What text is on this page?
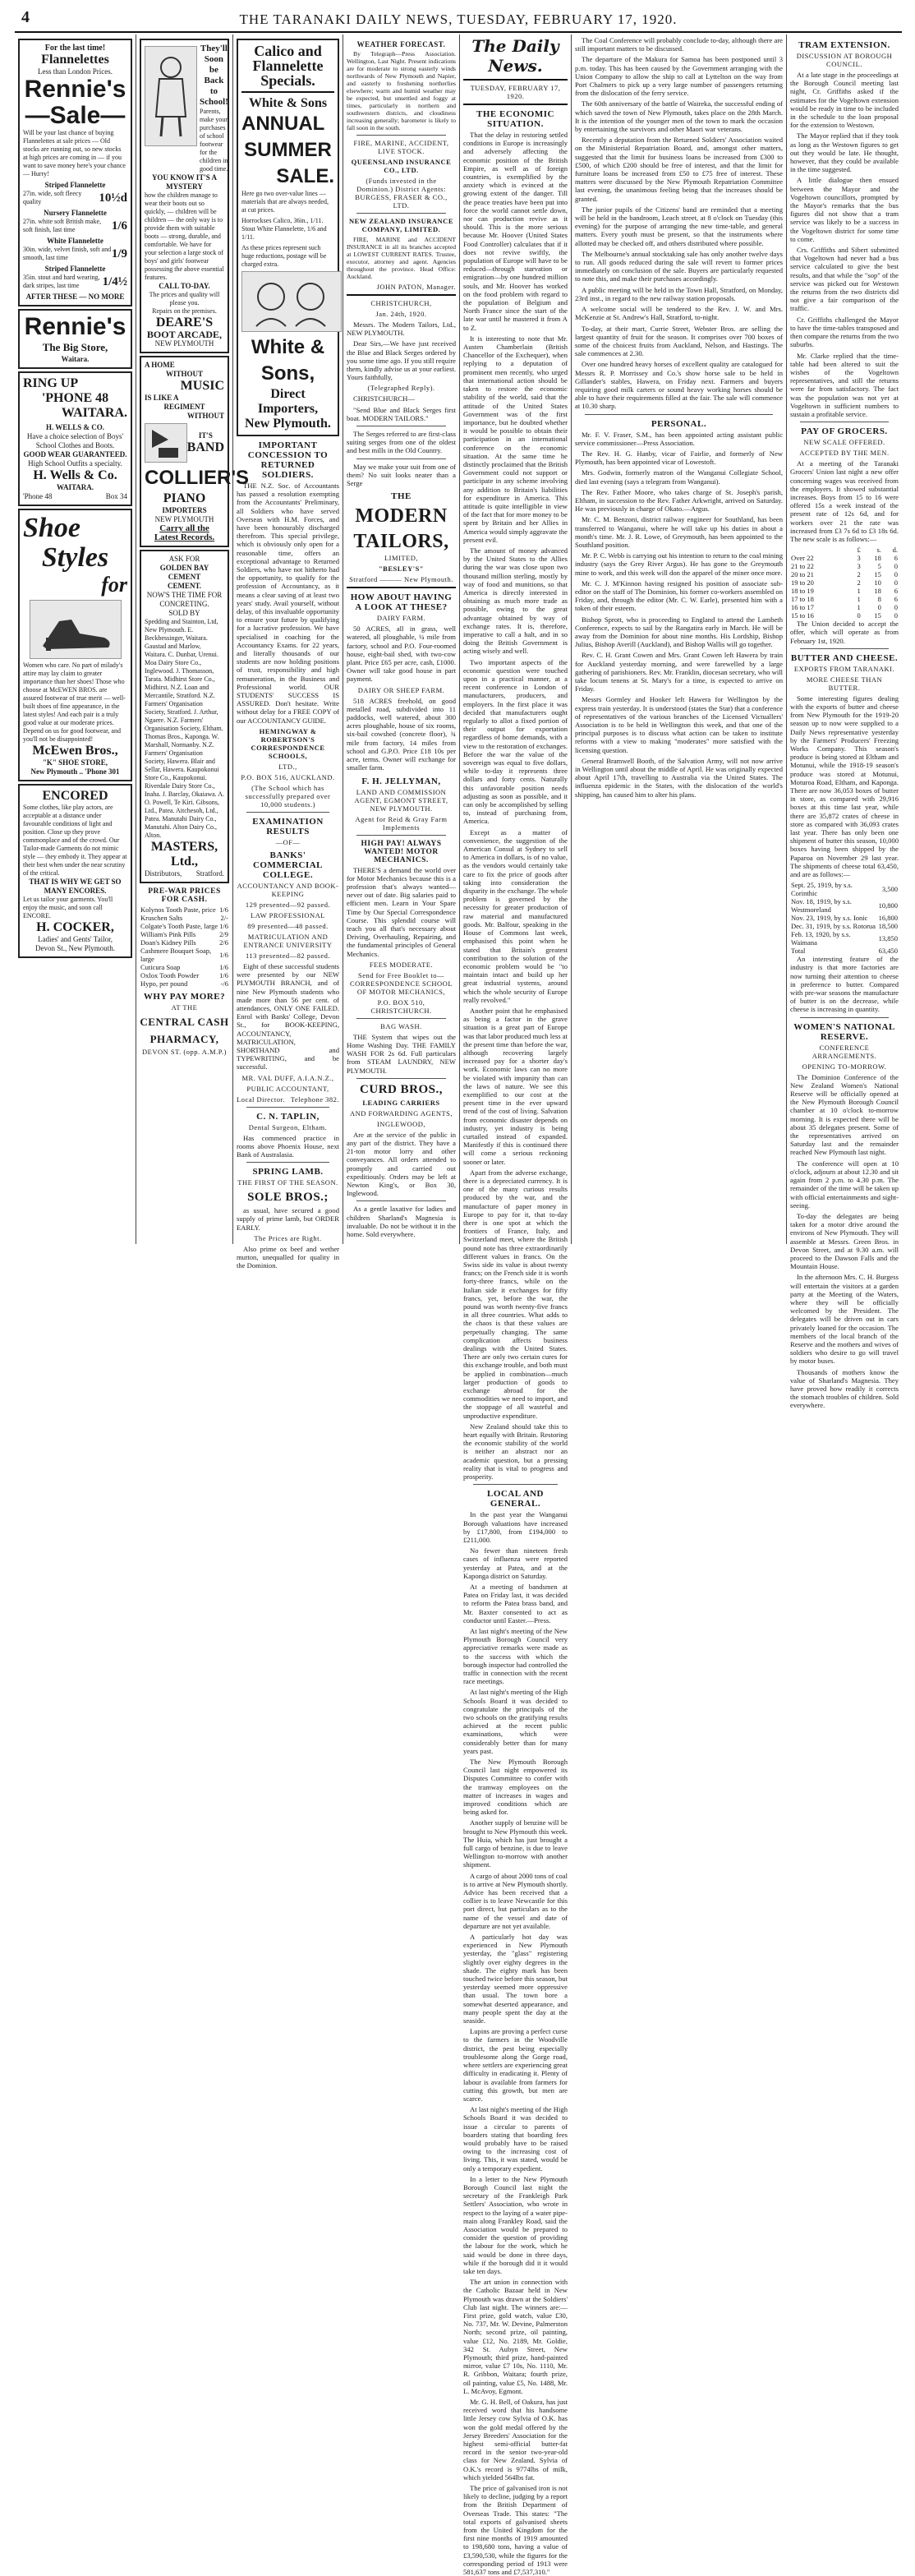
4	THE TARANAKI DAILY NEWS, TUESDAY, FEBRUARY 17, 1920.
For the last time!
Flannelettes
Less than London Prices.
Rennie's
—Sale—
Will be your last chance of buying Flannelettes at sale prices — Old stocks are running out, so new stocks at high prices are coming in — if you want to save money here's your chance — Hurry!
Striped Flannelette
27in. wide, soft fleecy quality	10½d
Nursery Flannelette
27in. white soft British make, soft finish, last time	1/6
White Flannelette
30in. wide, velvet finish, soft and smooth, last time	1/9
Striped Flannelette
35in. stout and hard wearing, dark stripes, last time	1/4½
AFTER THESE — NO MORE
Rennie's
The Big Store,
Waitara.
RING UP
'PHONE 48
WAITARA.
H. WELLS & CO.
Have a choice selection of Boys' School Clothes and Boots.
GOOD WEAR GUARANTEED.
High School Outfits a specialty.
H. Wells & Co.
WAITARA.
'Phone 48	Box 34
Shoe
Styles
for
Women who care. No part of milady's attire may lay claim to greater importance than her shoes! Those who choose at McEWEN BROS. are assured footwear of true merit — well-built shoes of fine appearance, in the latest styles! And each pair is a truly good value at our moderate prices. Depend on us for good footwear, and you'll not be disappointed!
McEwen Bros.,
"K" SHOE STORE,
New Plymouth .. 'Phone 301
ENCORED
Some clothes, like play actors, are acceptable at a distance under favourable conditions of light and position. Close up they prove commonplace and of the crowd. Our Tailor-made Garments do not mimic style — they embody it. They appear at their best when under the near scrutiny of the critical.
THAT IS WHY WE GET SO MANY ENCORES.
Let us tailor your garments. You'll enjoy the music, and soon call ENCORE.
H. COCKER,
Ladies' and Gents' Tailor,
Devon St., New Plymouth.
They'll Soon be Back to School!
Parents, make your purchases of school footwear for the children in good time.
YOU KNOW IT'S A MYSTERY
how the children manage to wear their boots out so quickly, — children will be children — the only way is to provide them with suitable boots — strong, durable, and comfortable. We have for your selection a large stock of boys' and girls' footwear possessing the above essential features.
CALL TO-DAY.
The prices and quality will please you.
Repairs on the premises.
DEARE'S
BOOT ARCADE,
NEW PLYMOUTH
A HOME
WITHOUT
MUSIC
IS LIKE A
REGIMENT
WITHOUT
IT'S
BAND
COLLIER'S
PIANO
IMPORTERS
NEW PLYMOUTH
Carry all the
Latest Records.
ASK FOR
GOLDEN BAY CEMENT
CEMENT.
NOW'S THE TIME FOR CONCRETING.
SOLD BY
Spedding and Stainton, Ltd, New Plymouth. E. Beckbessinger, Waitara. Gaustad and Marlow, Waitara. C. Dunbar, Urenui. Moa Dairy Store Co., Inglewood. J. Thomasson, Tarata. Midhirst Store Co., Midhirst. N.Z. Loan and Mercantile, Stratford. N.Z. Farmers' Organisation Society, Stratford. J. Arthur, Ngaere. N.Z. Farmers' Organisation Society, Eltham. Thomas Bros., Kaponga. W. Marshall, Normanby. N.Z. Farmers' Organisation Society, Hawera. Blair and Sellar, Hawera. Kaupokonui Store Co., Kaupokonui. Riverdale Dairy Store Co., Inaha. J. Barclay, Okaiawa. A. O. Powell, Te Kiri. Gibsons, Ltd., Patea. Aitchesoh, Ltd., Patea. Manutahi Dairy Co., Manutahi. Alton Dairy Co., Alton.
MASTERS, Ltd.,
Distributors, Stratford.
PRE-WAR PRICES FOR CASH.
Kolynos Tooth Paste, price	1/6
Kruschen Salts	2/-
Colgate's Tooth Paste, large	1/6
William's Pink Pills	2/9
Doan's Kidney Pills	2/6
Cashmere Bouquet Soap, large	1/6
Cuticura Soap	1/6
Oxlox Tooth Powder	1/6
Hypo, per pound	-/6
WHY PAY MORE?
AT THE
CENTRAL CASH
PHARMACY,
DEVON ST. (opp. A.M.P.)
Calico and
Flannelette
Specials.
White & Sons
ANNUAL
SUMMER
SALE.
Here go two over-value lines — materials that are always needed, at cut prices.
Horrockses Calico, 36in., 1/11.
Stout White Flannelette, 1/6 and 1/11.
As these prices represent such huge reductions, postage will be charged extra.
White & Sons,
Direct Importers,
New Plymouth.
IMPORTANT CONCESSION TO RETURNED SOLDIERS.

THE N.Z. Soc. of Accountants has passed a resolution exempting from the Accountants' Preliminary, all Soldiers who have served Overseas with H.M. Forces, and have been honourably discharged therefrom. This special privilege, which is obviously only open for a reasonable time, offers an exceptional advantage to Returned Soldiers, who have not hitherto had the opportunity, to qualify for the profession of Accountancy, as it means a clear saving of at least two years' study. Avail yourself, without delay, of this invaluable opportunity to ensure your future by qualifying for a lucrative profession. We have specialised in coaching for the Accountancy Exams. for 22 years, and literally thousands of our students are now holding positions of trust, responsibility and high remuneration, in the Business and Professional world. OUR STUDENTS' SUCCESS IS ASSURED. Don't hesitate. Write without delay for a FREE COPY of our ACCOUNTANCY GUIDE.

HEMINGWAY & ROBERTSON'S CORRESPONDENCE SCHOOLS,
LTD.,
P.O. BOX 516, AUCKLAND.
(The School which has successfully prepared over 10,000 students.)
EXAMINATION RESULTS
—OF—
BANKS' COMMERCIAL COLLEGE.
ACCOUNTANCY AND BOOK-KEEPING
129 presented—92 passed.
LAW PROFESSIONAL
89 presented—48 passed.
MATRICULATION AND ENTRANCE UNIVERSITY
113 presented—82 passed.

Eight of these successful students were presented by our NEW PLYMOUTH BRANCH, and of nine New Plymouth students who made more than 56 per cent. of attendances, ONLY ONE FAILED. Enrol with Banks' College, Devon St., for BOOK-KEEPING, ACCOUNTANCY, MATRICULATION, SHORTHAND and TYPEWRITING, and be successful.

MR. VAL DUFF, A.I.A.N.Z.,
PUBLIC ACCOUNTANT,
Local Director. Telephone 382.
C. N. TAPLIN,
Dental Surgeon, Eltham.

Has commenced practice in rooms above Phoenix House, next Bank of Australasia.

SPRING LAMB.
THE FIRST OF THE SEASON.
SOLE BROS.;

as usual, have secured a good supply of prime lamb, but ORDER EARLY.

The Prices are Right.

Also prime ox beef and wether mutton, unequalled for quality in the Dominion.

WEATHER FORECAST.

By Telegraph—Press Association. Wellington, Last Night. Present indications are for moderate to strong easterly winds northwards of New Plymouth and Napier, and easterly to freshening northerlies elsewhere; warm and humid weather may be expected, but unsettled and foggy at times, particularly in northern and southwestern districts, and cloudiness increasing generally; barometer is likely to fall soon in the south.

FIRE, MARINE, ACCIDENT, LIVE STOCK.
QUEENSLAND INSURANCE CO., LTD.
(Funds invested in the Dominion.) District Agents: BURGESS, FRASER & CO., LTD.
NEW ZEALAND INSURANCE COMPANY, LIMITED.

FIRE, MARINE and ACCIDENT INSURANCE in all its branches accepted at LOWEST CURRENT RATES. Trustee, executor, attorney and agent. Agencies throughout the province. Head Office: Auckland.

JOHN PATON, Manager.
CHRISTCHURCH,
Jan. 24th, 1920.

Messrs. The Modern Tailors, Ltd., NEW PLYMOUTH.

Dear Sirs,—We have just received the Blue and Black Serges ordered by you some time ago. If you still require them, kindly advise us at your earliest. Yours faithfully,

(Telegraphed Reply).

CHRISTCHURCH—

"Send Blue and Black Serges first boat. MODERN TAILORS."

The Serges referred to are first-class suiting serges from one of the oldest and best mills in the Old Country.

May we make your suit from one of them? No suit looks neater than a Serge

THE
MODERN
TAILORS,
LIMITED,
"BESLEY'S"
Stratford ——— New Plymouth.
HOW ABOUT HAVING A LOOK AT THESE?
DAIRY FARM.

50 ACRES, all in grass, well watered, all ploughable, ¼ mile from factory, school and P.O. Four-roomed house, eight-bail shed, with two-cow plant. Price £65 per acre, cash, £1000. Owner will take good house in part payment.

DAIRY OR SHEEP FARM.

518 ACRES freehold, on good metalled road, subdivided into 11 paddocks, well watered, about 300 acres ploughable, house of six rooms, six-bail cowshed (concrete floor), ¾ mile from factory, 14 miles from school and G.P.O. Price £18 10s per acre, terms. Owner will exchange for smaller farm.

F. H. JELLYMAN,
LAND AND COMMISSION AGENT, EGMONT STREET, NEW PLYMOUTH.
Agent for Reid & Gray Farm Implements
HIGH PAY! ALWAYS WANTED! MOTOR MECHANICS.

THERE'S a demand the world over for Motor Mechanics because this is a profession that's always wanted—never out of date. Big salaries paid to efficient men. Learn in Your Spare Time by Our Special Correspondence Course. This splendid course will teach you all that's necessary about Driving, Overhauling, Repairing, and the fundamental principles of General Mechanics.

FEES MODERATE.
Send for Free Booklet to— CORRESPONDENCE SCHOOL OF MOTOR MECHANICS,
P.O. BOX 510, CHRISTCHURCH.
BAG WASH.

THE System that wipes out the Home Washing Day. THE FAMILY WASH FOR 2s 6d. Full particulars from STEAM LAUNDRY, NEW PLYMOUTH.

CURD BROS.,
LEADING CARRIERS
AND FORWARDING AGENTS,
INGLEWOOD,

Are at the service of the public in any part of the district. They have a 21-ton motor lorry and other conveyances. All orders attended to promptly and carried out expeditiously. Orders may be left at Newton King's, or Box 30, Inglewood.

As a gentle laxative for ladies and children Sharland's Magnesia is invaluable. Do not be without it in the home. Sold everywhere.

The Daily News.
TUESDAY, FEBRUARY 17, 1920.
THE ECONOMIC SITUATION.

That the delay in restoring settled conditions in Europe is increasingly and adversely affecting the economic position of the British Empire, as well as of foreign countries, is exemplified by the anxiety which is evinced at the growing extent of the danger. Till the peace treaties have been put into force the world cannot settle down, nor can production revive as it should. This is the more serious because Mr. Hoover (United States Food Controller) calculates that if it does not revive swiftly, the population of Europe will have to be reduced—through starvation or emigration—by one hundred million souls, and Mr. Hoover has worked on the food problem with regard to the population of Belgium and North France since the start of the late war until he mastered it from A to Z.

It is interesting to note that Mr. Austen Chamberlain (British Chancellor of the Exchequer), when replying to a deputation of prominent men recently, who urged that international action should be taken to restore the economic stability of the world, said that the attitude of the United States Government was of the first importance, but he doubted whether it would be possible to obtain their participation in an international conference on the economic situation. At the same time he distinctly proclaimed that the British Government could not support or participate in any scheme involving any addition to Britain's liabilities for expenditure in America. This attitude is quite intelligible in view of the fact that for more money to be spent by Britain and her Allies in America would simply aggravate the present evil.

The amount of money advanced by the United States to the Allies during the war was close upon two thousand million sterling, mostly by way of food and munitions, so that America is directly interested in obtaining as much more trade as possible, owing to the great advantage obtained by way of exchange rates. It is, therefore, imperative to call a halt, and in so doing the British Government is acting wisely and well.

Two important aspects of the economic question were touched upon in a practical manner, at a recent conference in London of manufacturers, producers, and employers. In the first place it was decided that manufacturers ought regularly to allot a fixed portion of their output for exportation regardless of home demands, with a view to the restoration of exchanges. Before the war the value of the sovereign was equal to five dollars, while to-day it represents three dollars and forty cents. Naturally this unfavorable position needs adjusting as soon as possible, and it can only be accomplished by selling to, instead of purchasing from, America.

Except as a matter of convenience, the suggestion of the American Consul at Sydney to sell to America in dollars, is of no value, as the vendors would certainly take care to fix the price of goods after taking into consideration the disparity in the exchange. The whole problem is governed by the necessity for greater production of raw material and manufactured goods. Mr. Balfour, speaking in the House of Commons last week, emphasised this point when he stated that Britain's greatest contribution to the solution of the economic problem would be "to maintain intact and build up her great industrial systems, around which the whole security of Europe really revolved."

Another point that he emphasised as being a factor in the grave situation is a great part of Europe was that labor produced much less at the present time than before the war, although recovering largely increased pay for a shorter day's work. Economic laws can no more be violated with impunity than can the laws of nature. We see this exemplified to our cost at the present time in the ever upward trend of the cost of living. Salvation from economic disaster depends on industry, yet industry is being curtailed instead of expanded. Manifestly if this is continued there will come a serious reckoning sooner or later.

Apart from the adverse exchange, there is a depreciated currency. It is one of the many curious results produced by the war, and the manufacture of paper money in Europe to pay for it, that to-day there is one spot at which the frontiers of France, Italy, and Switzerland meet, where the British pound note has three extraordinarily different values in francs. On the Swiss side its value is about twenty francs; on the French side it is worth forty-three francs, while on the Italian side it exchanges for fifty francs, yet, before the war, the pound was worth twenty-five francs in all three countries. What adds to the chaos is that these values are perpetually changing. The same complication affects business dealings with the United States. There are only two certain cures for this exchange trouble, and both must be applied in combination—much larger production of goods to exchange abroad for the commodities we need to import, and the stoppage of all wasteful and unproductive expenditure.

New Zealand should take this to heart equally with Britain. Restoring the economic stability of the world is neither an abstract nor an academic question, but a pressing reality that is vital to progress and prosperity.

LOCAL AND GENERAL.

In the past year the Wanganui Borough valuations have increased by £17,800, from £194,000 to £211,000.

No fewer than nineteen fresh cases of influenza were reported yesterday at Patea, and at the Kaponga district on Saturday.

At a meeting of bandsmen at Patea on Friday last, it was decided to reform the Patea brass band, and Mr. Baxter consented to act as conductor until Easter.—Press.

At last night's meeting of the New Plymouth Borough Council very appreciative remarks were made as to the success with which the borough inspector had controlled the traffic in connection with the recent race meetings.

At last night's meeting of the High Schools Board it was decided to congratulate the principals of the two schools on the gratifying results achieved at the recent public examinations, which were considerably better than for many years past.

The New Plymouth Borough Council last night empowered its Disputes Committee to confer with the tramway employees on the matter of increases in wages and improved conditions which are being asked for.

Another supply of benzine will be brought to New Plymouth this week. The Huia, which has just brought a full cargo of benzine, is due to leave Wellington to-morrow with another shipment.

A cargo of about 2000 tons of coal is to arrive at New Plymouth shortly. Advice has been received that a collier is to leave Newcastle for this port direct, but particulars as to the name of the vessel and date of departure are not yet available.

A particularly hot day was experienced in New Plymouth yesterday, the "glass" registering slightly over eighty degrees in the shade. The eighty mark has been touched twice before this season, but yesterday seemed more oppressive than usual. The town bore a somewhat deserted appearance, and many people spent the day at the seaside.

Lupins are proving a perfect curse to the farmers in the Woodville district, the pest being especially troublesome along the Gorge road, where settlers are experiencing great difficulty in eradicating it. Plenty of labour is available from farmers for cutting this growth, but men are scarce.

At last night's meeting of the High Schools Board it was decided to issue a circular to parents of boarders stating that boarding fees would probably have to be raised owing to the increasing cost of living. This, it was stated, would be only a temporary expedient.

In a letter to the New Plymouth Borough Council last night the secretary of the Frankleigh Park Settlers' Association, who wrote in respect to the laying of a water pipe-main along Frankley Road, said the Association would be prepared to consider the question of providing the labour for the work, which he said would be done in three days, while if the borough did it it would take ten days.

The art union in connection with the Catholic Bazaar held in New Plymouth was drawn at the Soldiers' Club last night. The winners are:—First prize, gold watch, value £30, No. 737, Mr. W. Devine, Palmerston North; second prize, oil painting, value £12, No. 2189, Mr. Goldie, 342 St. Aubyn Street, New Plymouth; third prize, hand-painted mirror, value £7 10s, No. 1110, Mr. R. Gribbon, Waitara; fourth prize, oil painting, value £5, No. 1488, Mr. L. McAvoy, Egmont.

Mr. G. H. Bell, of Oakura, has just received word that his handsome little Jersey cow Sylvia of O.K. has won the gold medal offered by the Jersey Breeders' Association for the highest semi-official butter-fat record in the senior two-year-old class for New Zealand. Sylvia of O.K.'s record is 9774lbs of milk, which yielded 564lbs fat.

The price of galvanised iron is not likely to decline, judging by a report from the British Department of Overseas Trade. This states: "The total exports of galvanised sheets from the United Kingdom for the first nine months of 1919 amounted to 198,680 tons, having a value of £3,590,530, while the figures for the corresponding period of 1913 were 581,637 tons and £7,537,310."

The Coal Conference will probably conclude to-day, although there are still important matters to be discussed.

The departure of the Makura for Samoa has been postponed until 3 p.m. today. This has been caused by the Government arranging with the Union Company to allow the ship to call at Lyttelton on the way from Port Chalmers to pick up a very large number of passengers returning from the dislocation of the ferry service.

The 60th anniversary of the battle of Waireka, the successful ending of which saved the town of New Plymouth, takes place on the 28th March. It is the intention of the younger men of the town to mark the occasion by entertaining the survivors and other Maori war veterans.

Recently a deputation from the Returned Soldiers' Association waited on the Ministerial Repatriation Board, and, amongst other matters, suggested that the limit for business loans be increased from £300 to £500, of which £200 should be free of interest, and that the limit for furniture loans be increased from £50 to £75 free of interest. These matters were discussed by the New Plymouth Repatriation Committee last evening, the unanimous feeling being that the increases should be granted.

The junior pupils of the Citizens' band are reminded that a meeting will be held in the bandroom, Leach street, at 8 o'clock on Tuesday (this evening) for the purpose of arranging the new time-table, and general matters. Every youth must be present, so that the instruments where allotted may be checked off, and others distributed where possible.

The Melbourne's annual stocktaking sale has only another twelve days to run. All goods reduced during the sale will revert to former prices immediately on conclusion of the sale. Buyers are particularly requested to note this, and make their purchases accordingly.

A public meeting will be held in the Town Hall, Stratford, on Monday, 23rd inst., in regard to the new railway station proposals.

A welcome social will be tendered to the Rev. J. W. and Mrs. McKenzie at St. Andrew's Hall, Stratford, to-night.

To-day, at their mart, Currie Street, Webster Bros. are selling the largest quantity of fruit for the season. It comprises over 700 boxes of some of the choicest fruits from Auckland, Nelson, and Hastings. The sale commences at 2.30.

Over one hundred heavy horses of excellent quality are catalogued for Messrs R. P. Morrissey and Co.'s show horse sale to be held in Gillander's stables, Hawera, on Friday next. Farmers and buyers requiring good milk carters or sound heavy working horses should be able to have their requirements filled at the fair. The sale will commence at 10.30 sharp.

PERSONAL.

Mr. F. V. Fraser, S.M., has been appointed acting assistant public service commissioner—Press Association.

The Rev. H. G. Hanby, vicar of Fairlie, and formerly of New Plymouth, has been appointed vicar of Lowestoft.

Mrs. Godwin, formerly matron of the Wanganui Collegiate School, died last evening (says a telegram from Wanganui).

The Rev. Father Moore, who takes charge of St. Joseph's parish, Eltham, in succession to the Rev. Father Arkwright, arrived on Saturday. He was previously in charge of Okato.—Argus.

Mr. C. M. Benzoni, district railway engineer for Southland, has been transferred to Wanganui, where he will take up his duties in about a month's time. Mr. J. R. Lowe, of Greymouth, has been appointed to the Southland position.

Mr. P. C. Webb is carrying out his intention to return to the coal mining industry (says the Grey River Argus). He has gone to the Greymouth mine to work, and this week will don the apparel of the miner once more.

Mr. C. J. M'Kinnon having resigned his position of associate sub-editor on the staff of The Dominion, his former co-workers assembled on Friday, and, through the editor (Mr. C. W. Earle), presented him with a token of their esteem.

Bishop Sprott, who is proceeding to England to attend the Lambeth Conference, expects to sail by the Rangatira early in March. He will be away from the Dominion for about nine months. His Lordship, Bishop Julius, Bishop Averill (Auckland), and Bishop Wallis will go together.

Rev. C. H. Grant Cowen and Mrs. Grant Cowen left Hawera by train for Auckland yesterday morning, and were farewelled by a large gathering of parishioners. Rev. Mr. Franklin, diocesan secretary, who will take locum tenens at St. Mary's for a time, is expected to arrive on Friday.

Messrs Gormley and Hooker left Hawera for Wellington by the express train yesterday. It is understood (states the Star) that a conference of representatives of the various branches of the Licensed Victuallers' Association is to be held in Wellington this week, and that one of the principal purposes is to discuss what action can be taken to institute reforms with a view to making "moderates" more satisfied with the licensing question.

General Bramwell Booth, of the Salvation Army, will not now arrive in Wellington until about the middle of April. He was originally expected about April 17th, travelling to Australia via the United States. The influenza epidemic in the States, with the dislocation of the world's shipping, has caused him to alter his plans.

TRAM EXTENSION.
DISCUSSION AT BOROUGH COUNCIL.

At a late stage in the proceedings at the Borough Council meeting last night, Cr. Griffiths asked if the estimates for the Vogeltown extension would be ready in time to be included in the schedule to the loan proposal for the extension to Westown.

The Mayor replied that if they took as long as the Westown figures to get out they would be late. He thought, however, that they could be available in the time suggested.

A little dialogue then ensued between the Mayor and the Vogeltown councillors, prompted by the Mayor's remarks that the bus figures did not show that a tram service was likely to be a success in the Vogeltown district for some time to come.

Crs. Griffiths and Sibert submitted that Vogeltown had never had a bus service calculated to give the best results, and that while the "sop" of the service was picked out for Westown the returns from the two districts did not give a fair comparison of the traffic.

Cr. Griffiths challenged the Mayor to have the time-tables transposed and then compare the returns from the two suburbs.

Mr. Clarke replied that the time-table had been altered to suit the wishes of the Vogeltown representatives, and still the returns were far from satisfactory. The fact was the population was not yet at Vogeltown in sufficient numbers to sustain a profitable service.

PAY OF GROCERS.
NEW SCALE OFFERED.
ACCEPTED BY THE MEN.

At a meeting of the Taranaki Grocers' Union last night a new offer concerning wages was received from the employers. It showed substantial increases. Boys from 15 to 16 were offered 15s a week instead of the present rate of 12s 6d, and for workers over 21 the rate was increased from £3 7s 6d to £3 18s 6d. The new scale is as follows:—

	£	s.	d.
Over 22	3	18	6
21 to 22	3	5	0
20 to 21	2	15	0
19 to 20	2	10	0
18 to 19	1	18	6
17 to 18	1	8	6
16 to 17	1	0	0
15 to 16	0	15	0

The Union decided to accept the offer, which will operate as from February 1st, 1920.

BUTTER AND CHEESE.
EXPORTS FROM TARANAKI.
MORE CHEESE THAN BUTTER.

Some interesting figures dealing with the exports of butter and cheese from New Plymouth for the 1919-20 season up to now were supplied to a Daily News representative yesterday by the Farmers' Producers' Freezing Works Company. This season's produce is being stored at Eltham and Motunui, while the 1918-19 season's produce was stored at Motunui, Moturoa Road, Eltham, and Kaponga. There are now 36,053 boxes of butter in store, as compared with 29,916 boxes at this time last year, while there are 35,872 crates of cheese in store as compared with 36,093 crates last year. There has only been one shipment of butter this season, 10,000 boxes having been shipped by the Paparoa on November 29 last year. The shipments of cheese total 63,450, and are as follows:—

Sept. 25, 1919, by s.s. Corinthic	3,500
Nov. 18, 1919, by s.s. Westmoreland	10,800
Nov. 23, 1919, by s.s. Ionic	16,800
Dec. 31, 1919, by s.s. Rotorua	18,500
Feb. 13, 1920, by s.s. Waimana	13,850
Total	63,450

An interesting feature of the industry is that more factories are now turning their attention to cheese in preference to butter. Compared with pre-war seasons the manufacture of butter is on the decrease, while cheese is increasing in quantity.

WOMEN'S NATIONAL RESERVE.
CONFERENCE ARRANGEMENTS.
OPENING TO-MORROW.

The Dominion Conference of the New Zealand Women's National Reserve will be officially opened at the New Plymouth Borough Council chamber at 10 o'clock to-morrow morning. It is expected there will be about 35 delegates present. Some of the representatives arrived on Saturday last and the remainder reached New Plymouth last night.

The conference will open at 10 o'clock, adjourn at about 12.30 and sit again from 2 p.m. to 4.30 p.m. The remainder of the time will be taken up with official entertainments and sight-seeing.

To-day the delegates are being taken for a motor drive around the environs of New Plymouth. They will assemble at Messrs. Green Bros. in Devon Street, and at 9.30 a.m. will proceed to the Dawson Falls and the Mountain House.

In the afternoon Mrs. C. H. Burgess will entertain the visitors at a garden party at the Meeting of the Waters, where they will be officially welcomed by the President. The delegates will be driven out in cars privately loaned for the occasion. The members of the local branch of the Reserve and the mothers and wives of soldiers who desire to go will travel by motor buses.

Thousands of mothers know the value of Sharland's Magnesia. They have proved how readily it corrects the stomach troubles of children. Sold everywhere.
